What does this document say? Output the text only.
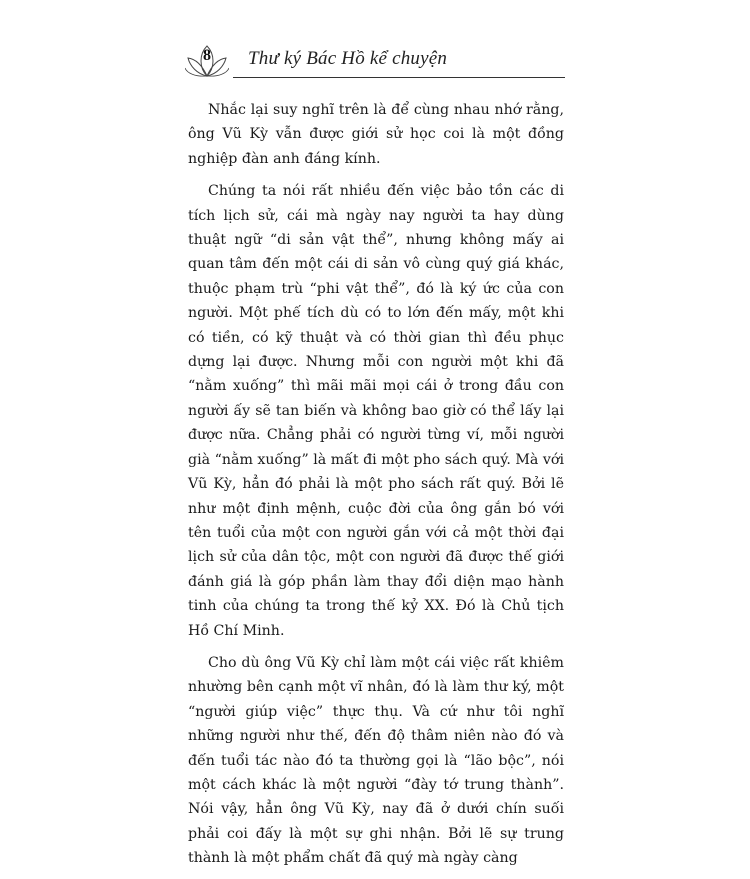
8 Thư ký Bác Hồ kể chuyện

Nhắc lại suy nghĩ trên là để cùng nhau nhớ rằng, ông Vũ Kỳ vẫn được giới sử học coi là một đồng nghiệp đàn anh đáng kính.

Chúng ta nói rất nhiều đến việc bảo tồn các di tích lịch sử, cái mà ngày nay người ta hay dùng thuật ngữ “di sản vật thể”, nhưng không mấy ai quan tâm đến một cái di sản vô cùng quý giá khác, thuộc phạm trù “phi vật thể”, đó là ký ức của con người. Một phế tích dù có to lớn đến mấy, một khi có tiền, có kỹ thuật và có thời gian thì đều phục dựng lại được. Nhưng mỗi con người một khi đã “nằm xuống” thì mãi mãi mọi cái ở trong đầu con người ấy sẽ tan biến và không bao giờ có thể lấy lại được nữa. Chẳng phải có người từng ví, mỗi người già “nằm xuống” là mất đi một pho sách quý. Mà với Vũ Kỳ, hẳn đó phải là một pho sách rất quý. Bởi lẽ như một định mệnh, cuộc đời của ông gắn bó với tên tuổi của một con người gắn với cả một thời đại lịch sử của dân tộc, một con người đã được thế giới đánh giá là góp phần làm thay đổi diện mạo hành tinh của chúng ta trong thế kỷ XX. Đó là Chủ tịch Hồ Chí Minh.

Cho dù ông Vũ Kỳ chỉ làm một cái việc rất khiêm nhường bên cạnh một vĩ nhân, đó là làm thư ký, một “người giúp việc” thực thụ. Và cứ như tôi nghĩ những người như thế, đến độ thâm niên nào đó và đến tuổi tác nào đó ta thường gọi là “lão bộc”, nói một cách khác là một người “đày tớ trung thành”. Nói vậy, hẳn ông Vũ Kỳ, nay đã ở dưới chín suối phải coi đấy là một sự ghi nhận. Bởi lẽ sự trung thành là một phẩm chất đã quý mà ngày càng
